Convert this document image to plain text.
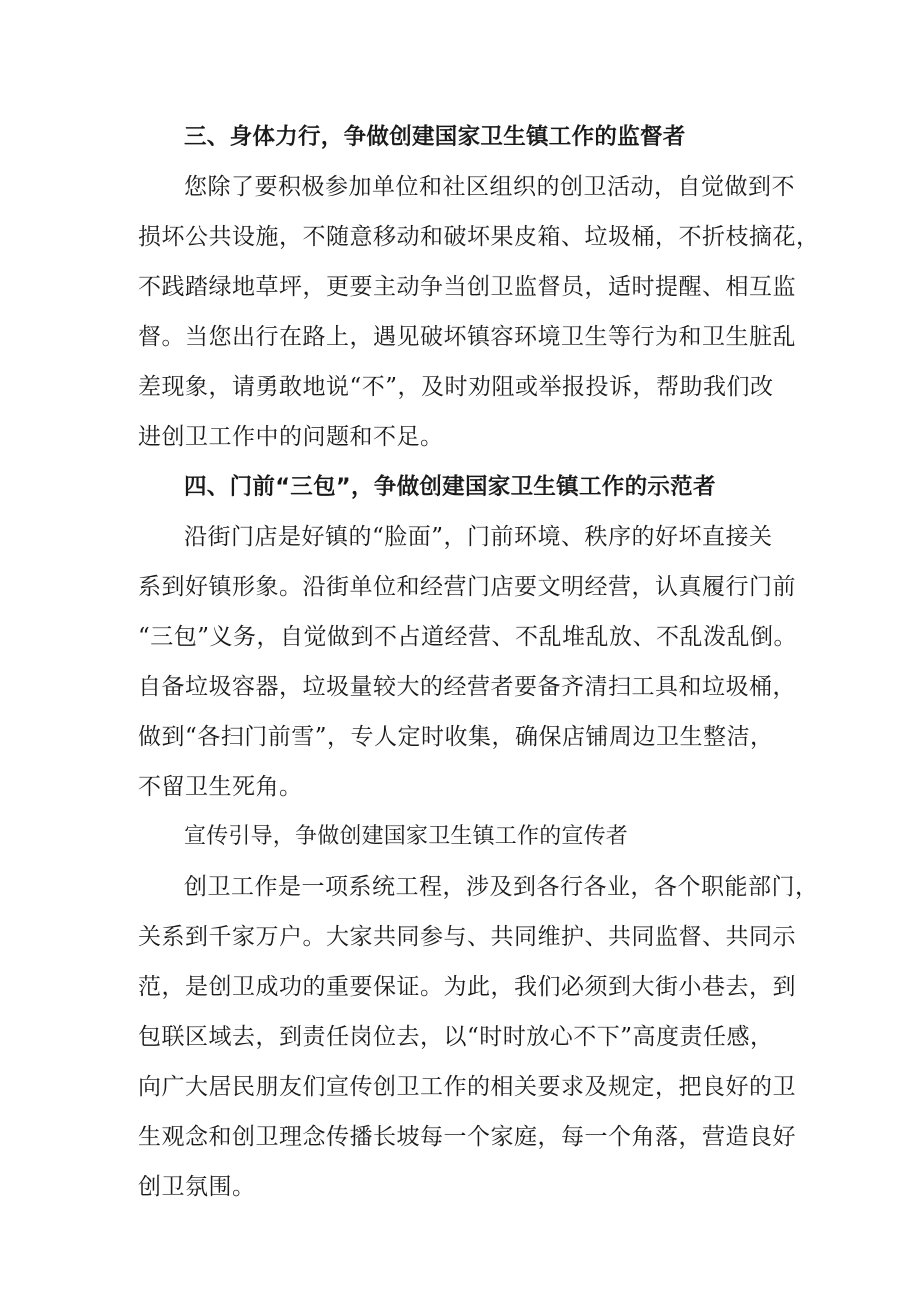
三、身体力行，争做创建国家卫生镇工作的监督者
您除了要积极参加单位和社区组织的创卫活动，自觉做到不
损坏公共设施，不随意移动和破坏果皮箱、垃圾桶，不折枝摘花，
不践踏绿地草坪，更要主动争当创卫监督员，适时提醒、相互监
督。当您出行在路上，遇见破坏镇容环境卫生等行为和卫生脏乱
差现象，请勇敢地说“不”，及时劝阻或举报投诉，帮助我们改
进创卫工作中的问题和不足。
四、门前“三包”，争做创建国家卫生镇工作的示范者
沿街门店是好镇的“脸面”，门前环境、秩序的好坏直接关
系到好镇形象。沿街单位和经营门店要文明经营，认真履行门前
“三包”义务，自觉做到不占道经营、不乱堆乱放、不乱泼乱倒。
自备垃圾容器，垃圾量较大的经营者要备齐清扫工具和垃圾桶，
做到“各扫门前雪”，专人定时收集，确保店铺周边卫生整洁，
不留卫生死角。
宣传引导，争做创建国家卫生镇工作的宣传者
创卫工作是一项系统工程，涉及到各行各业，各个职能部门，
关系到千家万户。大家共同参与、共同维护、共同监督、共同示
范，是创卫成功的重要保证。为此，我们必须到大街小巷去，到
包联区域去，到责任岗位去，以“时时放心不下”高度责任感，
向广大居民朋友们宣传创卫工作的相关要求及规定，把良好的卫
生观念和创卫理念传播长坡每一个家庭，每一个角落，营造良好
创卫氛围。
